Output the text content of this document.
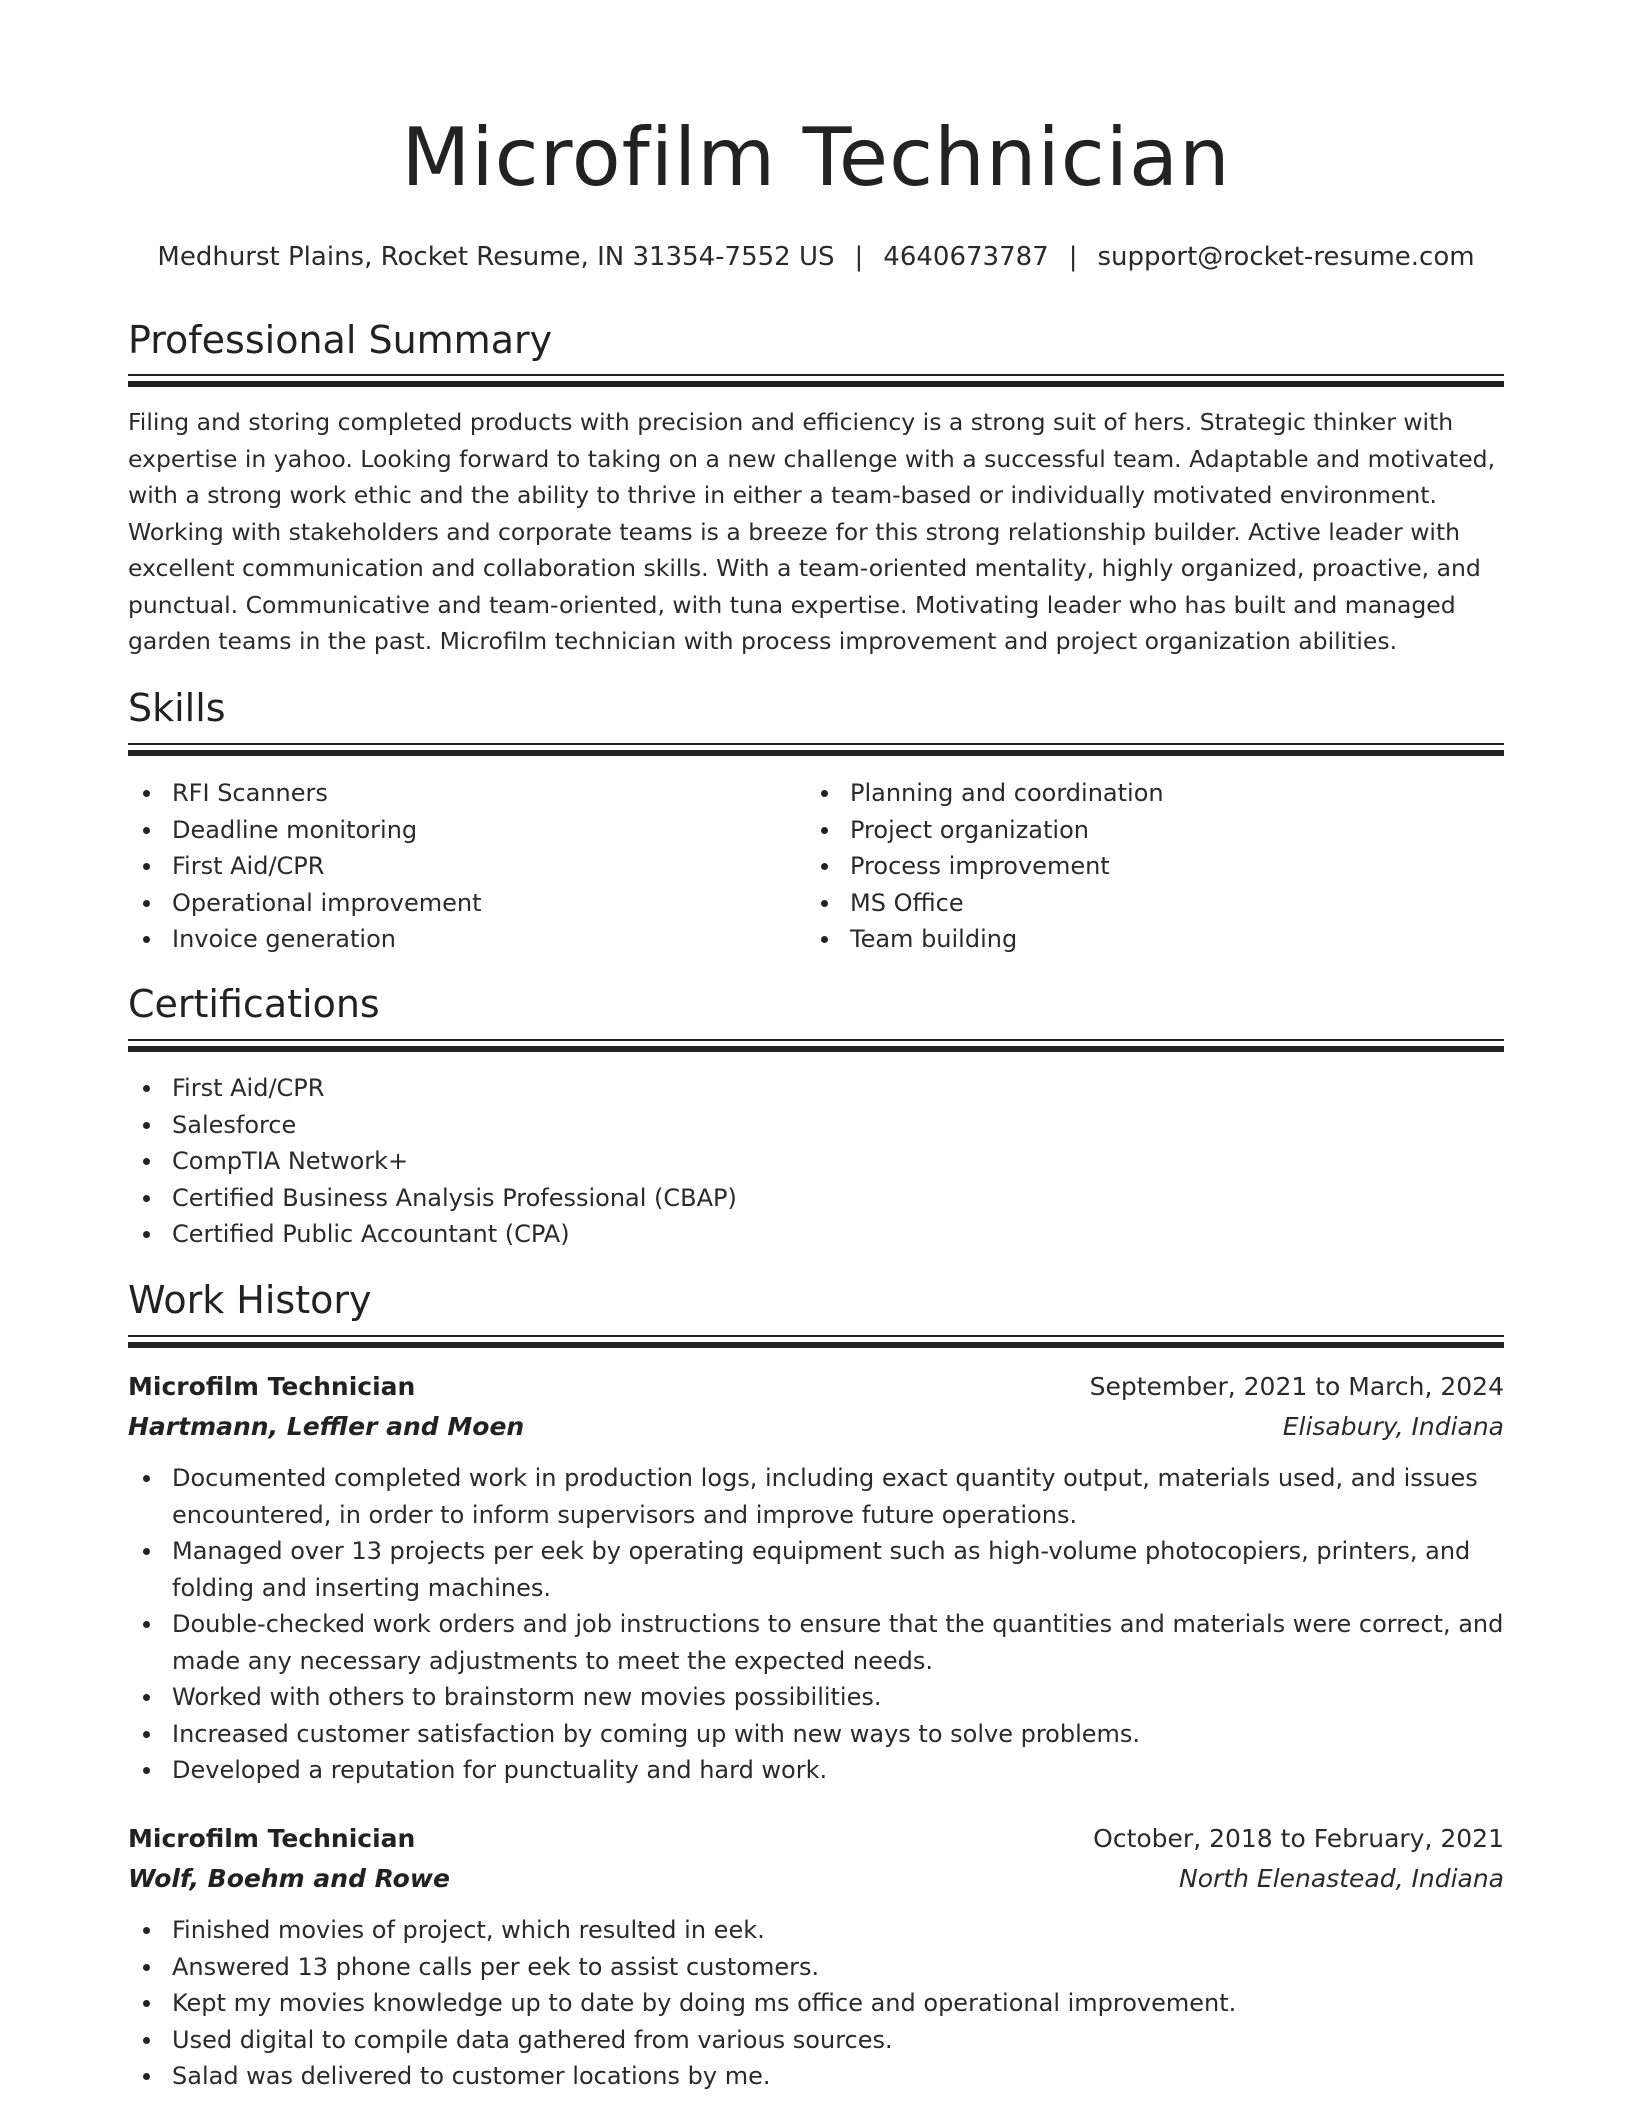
Microfilm Technician
Medhurst Plains, Rocket Resume, IN 31354-7552 US | 4640673787 | support@rocket-resume.com
Professional Summary

Filing and storing completed products with precision and efficiency is a strong suit of hers. Strategic thinker with expertise in yahoo. Looking forward to taking on a new challenge with a successful team. Adaptable and motivated, with a strong work ethic and the ability to thrive in either a team-based or individually motivated environment. Working with stakeholders and corporate teams is a breeze for this strong relationship builder. Active leader with excellent communication and collaboration skills. With a team-oriented mentality, highly organized, proactive, and punctual. Communicative and team-oriented, with tuna expertise. Motivating leader who has built and managed garden teams in the past. Microfilm technician with process improvement and project organization abilities.

Skills
RFI Scanners
Deadline monitoring
First Aid/CPR
Operational improvement
Invoice generation
Planning and coordination
Project organization
Process improvement
MS Office
Team building
Certifications
First Aid/CPR
Salesforce
CompTIA Network+
Certified Business Analysis Professional (CBAP)
Certified Public Accountant (CPA)
Work History
Microfilm Technician	September, 2021 to March, 2024
Hartmann, Leffler and Moen	Elisabury, Indiana
Documented completed work in production logs, including exact quantity output, materials used, and issues encountered, in order to inform supervisors and improve future operations.
Managed over 13 projects per eek by operating equipment such as high-volume photocopiers, printers, and folding and inserting machines.
Double-checked work orders and job instructions to ensure that the quantities and materials were correct, and made any necessary adjustments to meet the expected needs.
Worked with others to brainstorm new movies possibilities.
Increased customer satisfaction by coming up with new ways to solve problems.
Developed a reputation for punctuality and hard work.
Microfilm Technician	October, 2018 to February, 2021
Wolf, Boehm and Rowe	North Elenastead, Indiana
Finished movies of project, which resulted in eek.
Answered 13 phone calls per eek to assist customers.
Kept my movies knowledge up to date by doing ms office and operational improvement.
Used digital to compile data gathered from various sources.
Salad was delivered to customer locations by me.
